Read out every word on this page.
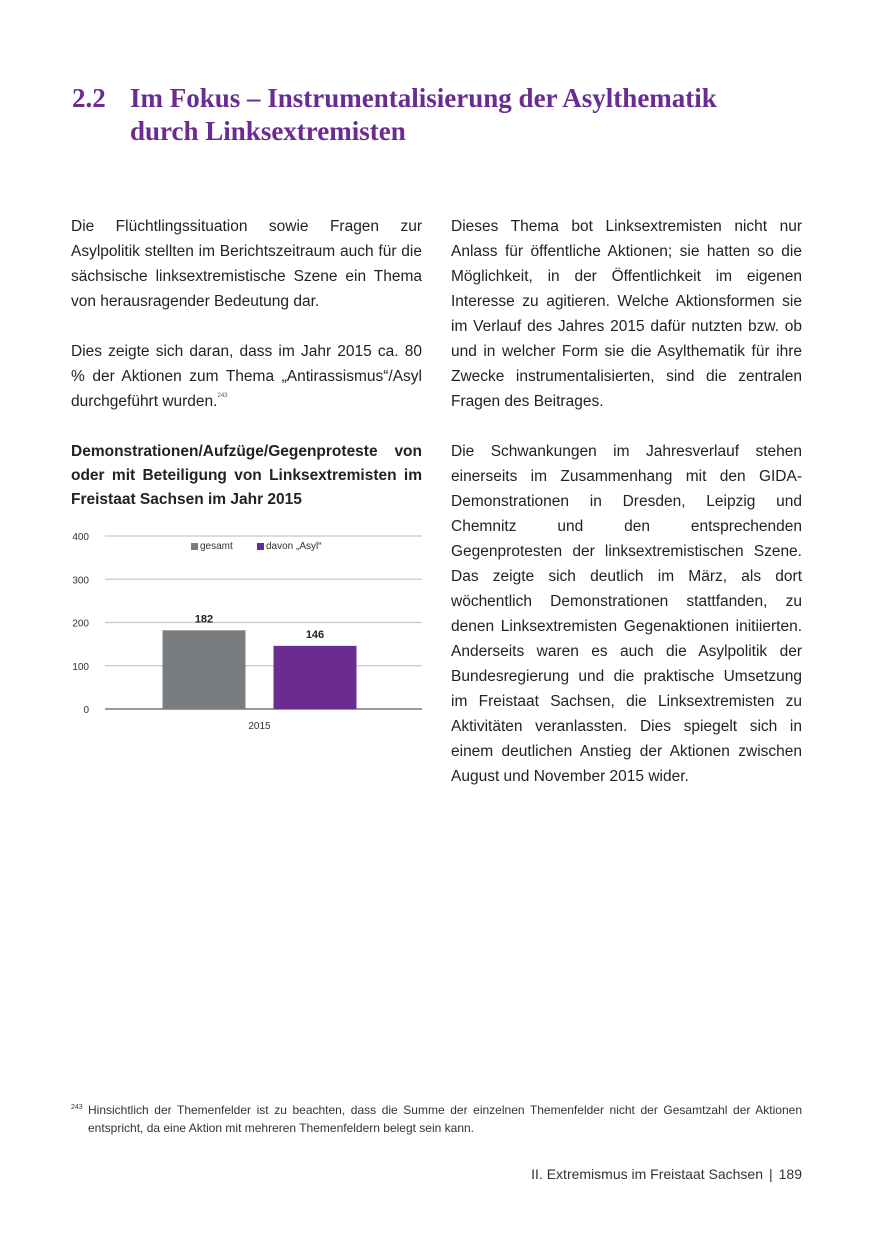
2.2 Im Fokus – Instrumentalisierung der Asylthematik
durch Linksextremisten

Die Flüchtlingssituation sowie Fragen zur Asylpolitik stellten im Berichtszeitraum auch für die sächsische linksextremistische Szene ein Thema von herausragender Bedeutung dar.

Dies zeigte sich daran, dass im Jahr 2015 ca. 80 % der Aktionen zum Thema „Antirassismus“/Asyl durchgeführt wurden.$^{243}$

Demonstrationen/Aufzüge/Gegenproteste von oder mit Beteiligung von Linksextremisten im Freistaat Sachsen im Jahr 2015
0
100
200
300
400
182
146
2015
gesamt	davon „Asyl“

Dieses Thema bot Linksextremisten nicht nur Anlass für öffentliche Aktionen; sie hatten so die Möglichkeit, in der Öffentlichkeit im eigenen Interesse zu agitieren. Welche Aktionsformen sie im Verlauf des Jahres 2015 dafür nutzten bzw. ob und in welcher Form sie die Asylthematik für ihre Zwecke instrumentalisierten, sind die zentralen Fragen des Beitrages.

Die Schwankungen im Jahresverlauf stehen einerseits im Zusammenhang mit den GIDA-Demonstrationen in Dresden, Leipzig und Chemnitz und den entsprechenden Gegenprotesten der linksextremistischen Szene. Das zeigte sich deutlich im März, als dort wöchentlich Demonstrationen stattfanden, zu denen Linksextremisten Gegenaktionen initiierten. Anderseits waren es auch die Asylpolitik der Bundesregierung und die praktische Umsetzung im Freistaat Sachsen, die Linksextremisten zu Aktivitäten veranlassten. Dies spiegelt sich in einem deutlichen Anstieg der Aktionen zwischen August und November 2015 wider.

243 Hinsichtlich der Themenfelder ist zu beachten, dass die Summe der einzelnen Themenfelder nicht der Gesamtzahl der Aktionen entspricht, da eine Aktion mit mehreren Themenfeldern belegt sein kann.
II. Extremismus im Freistaat Sachsen | 189
